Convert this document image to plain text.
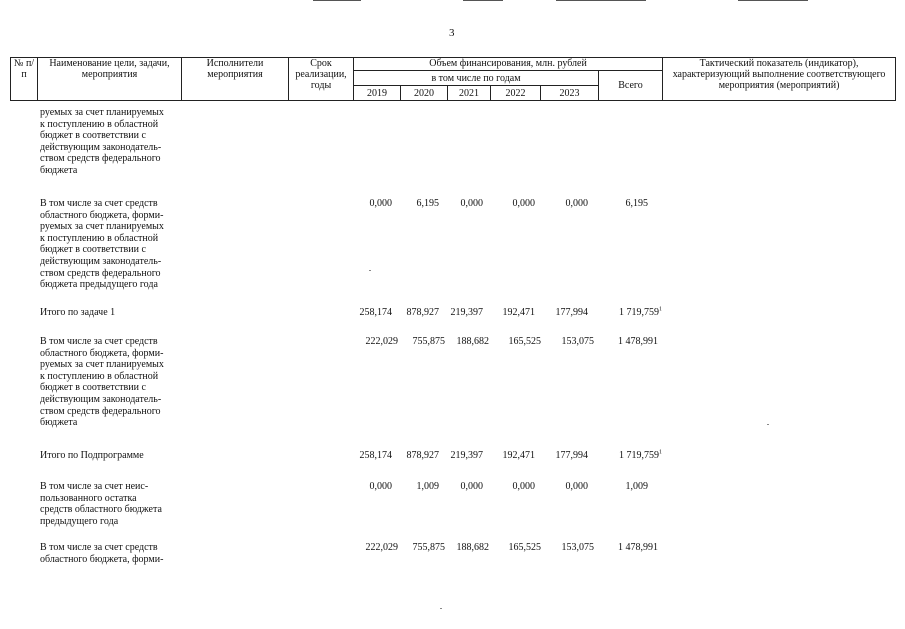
3
№ п/п	Наименование цели, задачи, мероприятия	Исполнители мероприятия	Срок реализации, годы	Объем финансирования, млн. рублей						Тактический показатель (индикатор), характеризующий выполнение соответствующего мероприятия (мероприятий)
				в том числе по годам					Всего	
				2019	2020	2021	2022	2023		
руемых за счет планируемых
к поступлению в областной
бюджет в соответствии с
действующим законодатель-
ством средств федерального
бюджета
В том числе за счет средств
областного бюджета, форми-
руемых за счет планируемых
к поступлению в областной
бюджет в соответствии с
действующим законодатель-
ством средств федерального
бюджета предыдущего года
0,000	6,195	0,000	0,000	0,000	6,195
Итого по задаче 1	258,174	878,927	219,397	192,471	177,994	1 719,759$^1$
В том числе за счет средств
областного бюджета, форми-
руемых за счет планируемых
к поступлению в областной
бюджет в соответствии с
действующим законодатель-
ством средств федерального
бюджета
222,029	755,875	188,682	165,525	153,075	1 478,991
Итого по Подпрограмме	258,174	878,927	219,397	192,471	177,994	1 719,759$^1$
В том числе за счет неис-
пользованного остатка
средств областного бюджета
предыдущего года
0,000	1,009	0,000	0,000	0,000	1,009
В том числе за счет средств
областного бюджета, форми-
222,029	755,875	188,682	165,525	153,075	1 478,991
